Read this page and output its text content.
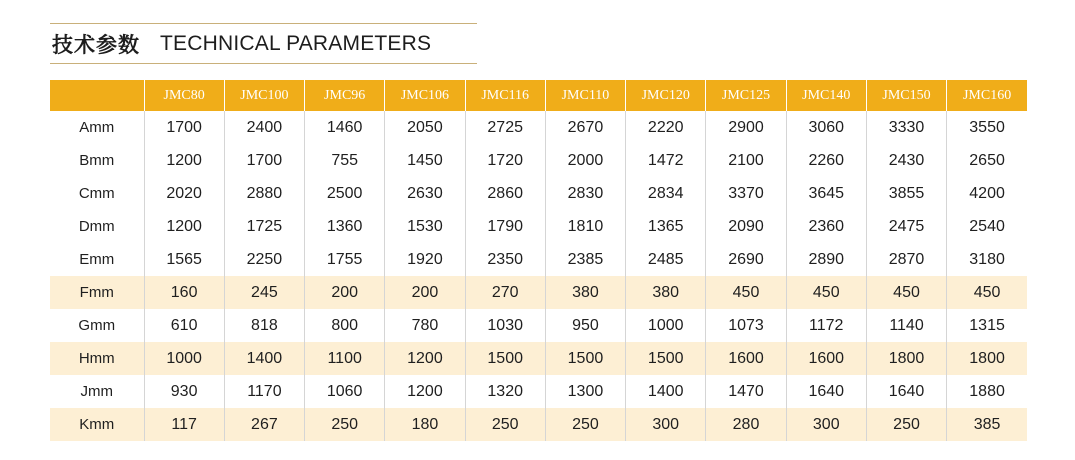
技术参数 TECHNICAL PARAMETERS
	JMC80	JMC100	JMC96	JMC106	JMC116	JMC110	JMC120	JMC125	JMC140	JMC150	JMC160
Amm	1700	2400	1460	2050	2725	2670	2220	2900	3060	3330	3550
Bmm	1200	1700	755	1450	1720	2000	1472	2100	2260	2430	2650
Cmm	2020	2880	2500	2630	2860	2830	2834	3370	3645	3855	4200
Dmm	1200	1725	1360	1530	1790	1810	1365	2090	2360	2475	2540
Emm	1565	2250	1755	1920	2350	2385	2485	2690	2890	2870	3180
Fmm	160	245	200	200	270	380	380	450	450	450	450
Gmm	610	818	800	780	1030	950	1000	1073	1172	1140	1315
Hmm	1000	1400	1100	1200	1500	1500	1500	1600	1600	1800	1800
Jmm	930	1170	1060	1200	1320	1300	1400	1470	1640	1640	1880
Kmm	117	267	250	180	250	250	300	280	300	250	385
